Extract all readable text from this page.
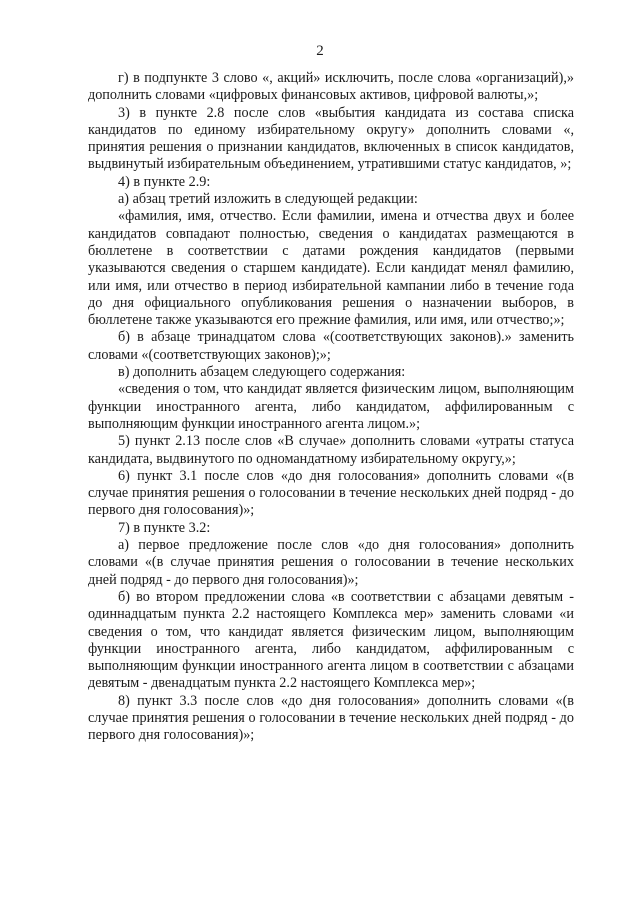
2

г) в подпункте 3 слово «, акций» исключить, после слова «организаций),» дополнить словами «цифровых финансовых активов, цифровой валюты,»;

3) в пункте 2.8 после слов «выбытия кандидата из состава списка кандидатов по единому избирательному округу» дополнить словами «, принятия решения о признании кандидатов, включенных в список кандидатов, выдвинутый избирательным объединением, утратившими статус кандидатов, »;

4) в пункте 2.9:

а) абзац третий изложить в следующей редакции:

«фамилия, имя, отчество. Если фамилии, имена и отчества двух и более кандидатов совпадают полностью, сведения о кандидатах размещаются в бюллетене в соответствии с датами рождения кандидатов (первыми указываются сведения о старшем кандидате). Если кандидат менял фамилию, или имя, или отчество в период избирательной кампании либо в течение года до дня официального опубликования решения о назначении выборов, в бюллетене также указываются его прежние фамилия, или имя, или отчество;»;

б) в абзаце тринадцатом слова «(соответствующих законов).» заменить словами «(соответствующих законов);»;

в) дополнить абзацем следующего содержания:

«сведения о том, что кандидат является физическим лицом, выполняющим функции иностранного агента, либо кандидатом, аффилированным с выполняющим функции иностранного агента лицом.»;

5) пункт 2.13 после слов «В случае» дополнить словами «утраты статуса кандидата, выдвинутого по одномандатному избирательному округу,»;

6) пункт 3.1 после слов «до дня голосования» дополнить словами «(в случае принятия решения о голосовании в течение нескольких дней подряд - до первого дня голосования)»;

7) в пункте 3.2:

а) первое предложение после слов «до дня голосования» дополнить словами «(в случае принятия решения о голосовании в течение нескольких дней подряд - до первого дня голосования)»;

б) во втором предложении слова «в соответствии с абзацами девятым - одиннадцатым пункта 2.2 настоящего Комплекса мер» заменить словами «и сведения о том, что кандидат является физическим лицом, выполняющим функции иностранного агента, либо кандидатом, аффилированным с выполняющим функции иностранного агента лицом в соответствии с абзацами девятым - двенадцатым пункта 2.2 настоящего Комплекса мер»;

8) пункт 3.3 после слов «до дня голосования» дополнить словами «(в случае принятия решения о голосовании в течение нескольких дней подряд - до первого дня голосования)»;
